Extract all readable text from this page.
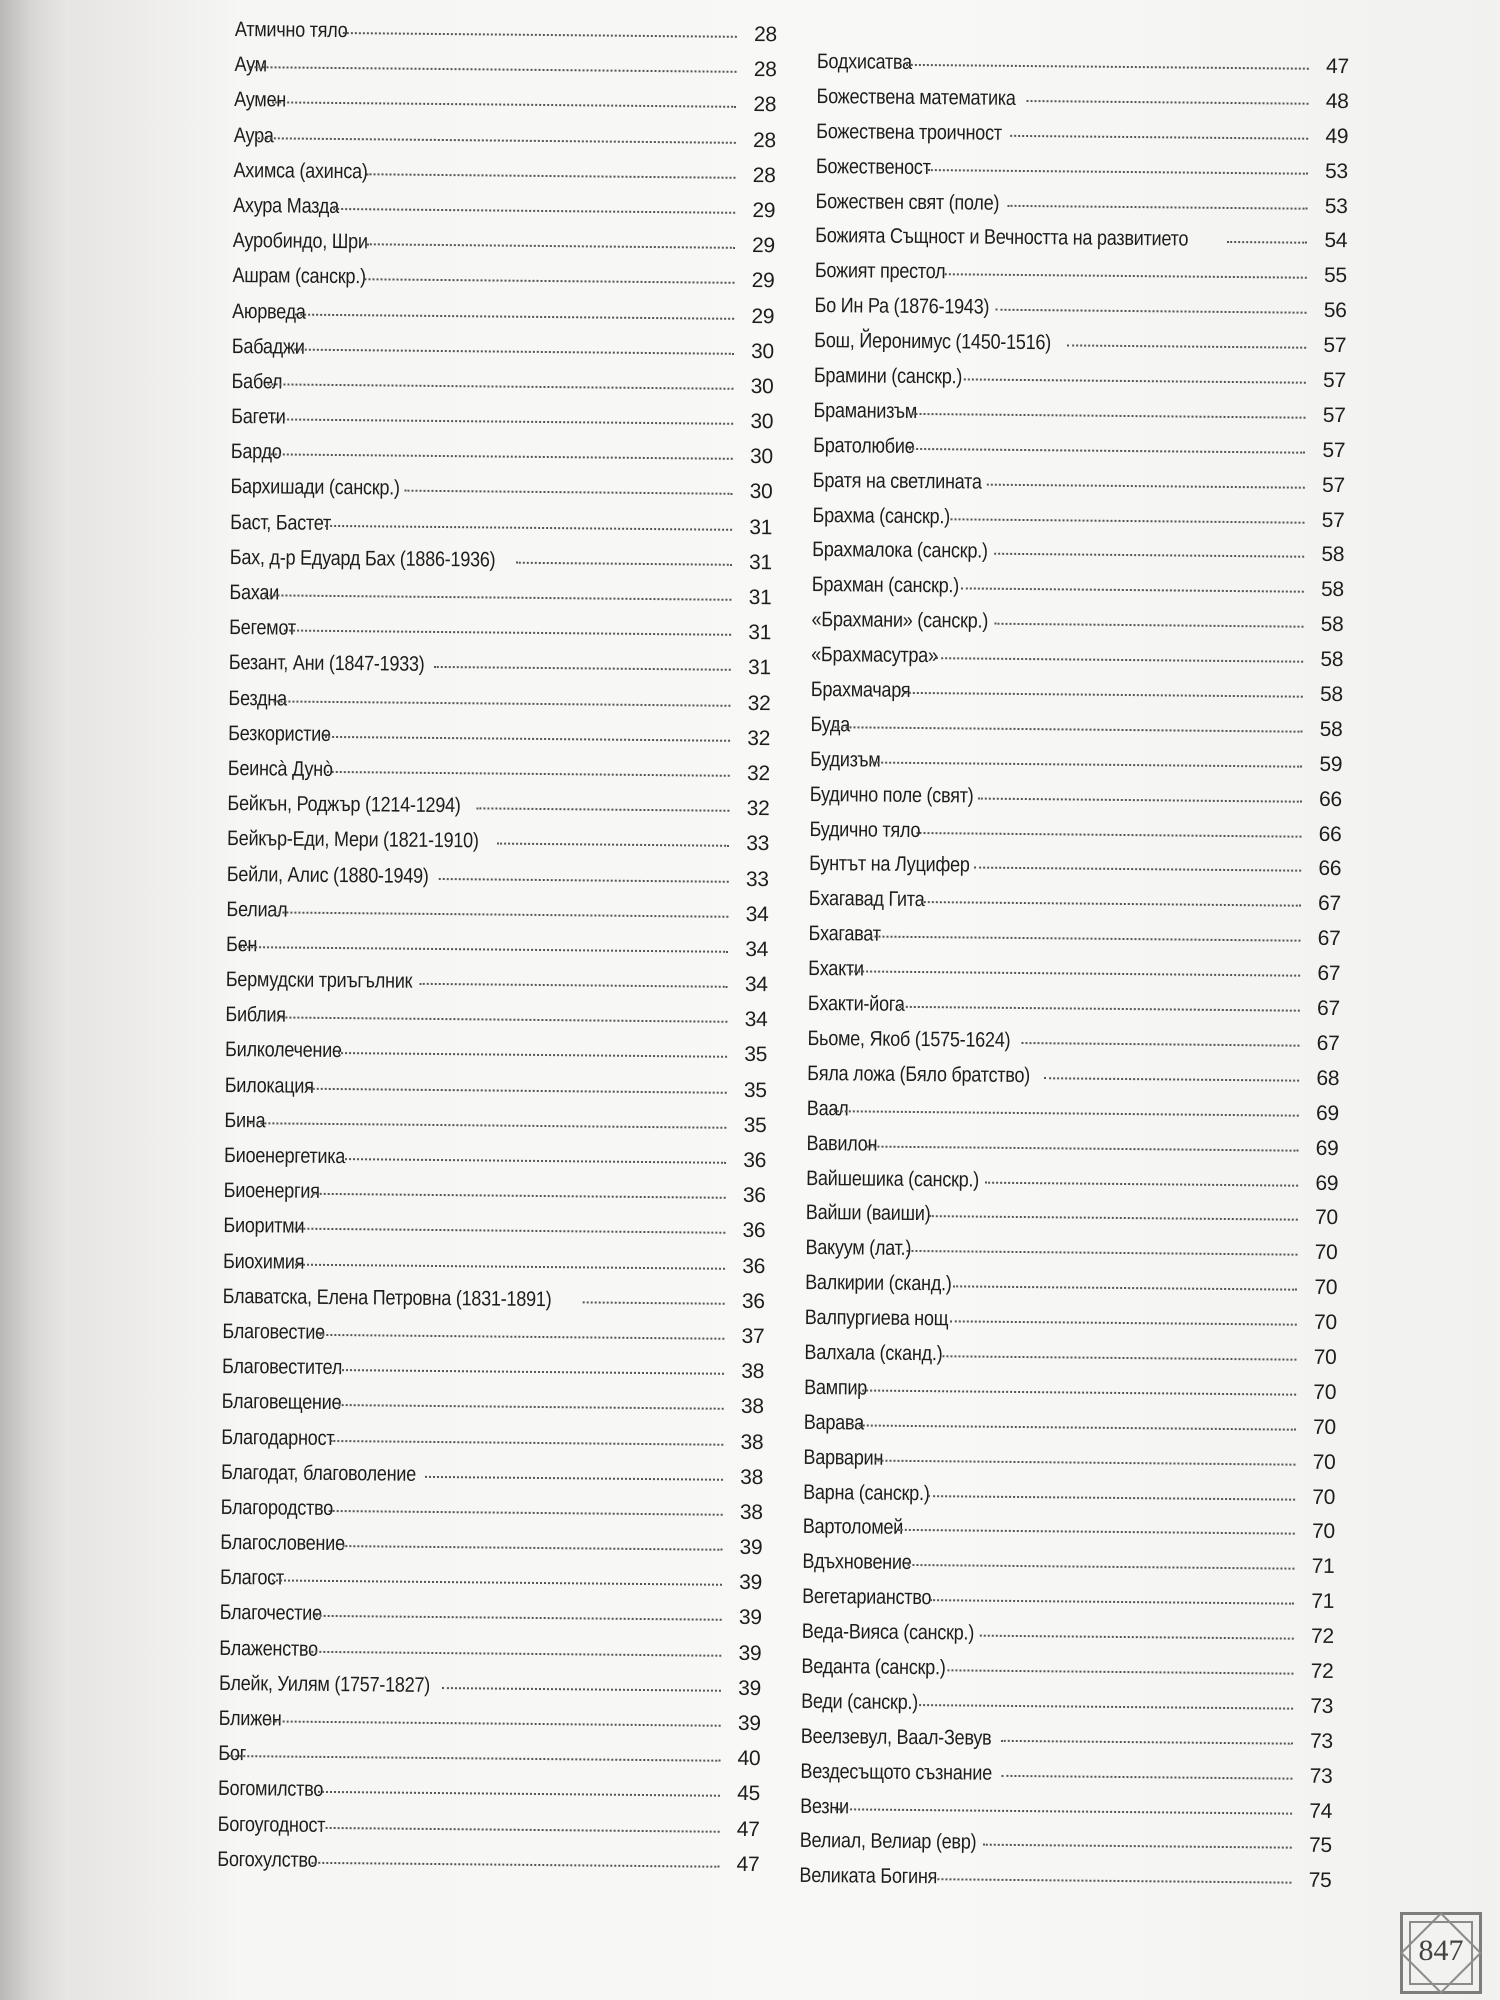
Атмично тяло	28
Аум	28
Аумен	28
Аура	28
Ахимса (ахинса)	28
Ахура Мазда	29
Ауробиндо, Шри	29
Ашрам (санскр.)	29
Аюрведа	29
Бабаджи	30
Бабел	30
Багети	30
Бардо	30
Бархишади (санскр.)	30
Баст, Бастет	31
Бах, д-р Едуард Бах (1886-1936)	31
Бахаи	31
Бегемот	31
Безант, Ани (1847-1933)	31
Бездна	32
Безкористие	32
Беинсà Дунò	32
Бейкън, Роджър (1214-1294)	32
Бейкър-Еди, Мери (1821-1910)	33
Бейли, Алис (1880-1949)	33
Белиал	34
Бен	34
Бермудски триъгълник	34
Библия	34
Билколечение	35
Билокация	35
Бина	35
Биоенергетика	36
Биоенергия	36
Биоритми	36
Биохимия	36
Блаватска, Елена Петровна (1831-1891)	36
Благовестие	37
Благовестител	38
Благовещение	38
Благодарност	38
Благодат, благоволение	38
Благородство	38
Благословение	39
Благост	39
Благочестие	39
Блаженство	39
Блейк, Уилям (1757-1827)	39
Ближен	39
Бог	40
Богомилство	45
Богоугодност	47
Богохулство	47
Бодхисатва	47
Божествена математика	48
Божествена троичност	49
Божественост	53
Божествен свят (поле)	53
Божията Същност и Вечността на развитието	54
Божият престол	55
Бо Ин Ра (1876-1943)	56
Бош, Йеронимус (1450-1516)	57
Брамини (санскр.)	57
Браманизъм	57
Братолюбие	57
Братя на светлината	57
Брахма (санскр.)	57
Брахмалока (санскр.)	58
Брахман (санскр.)	58
«Брахмани» (санскр.)	58
«Брахмасутра»	58
Брахмачаря	58
Буда	58
Будизъм	59
Будично поле (свят)	66
Будично тяло	66
Бунтът на Луцифер	66
Бхагавад Гита	67
Бхагават	67
Бхакти	67
Бхакти-йога	67
Бьоме, Якоб (1575-1624)	67
Бяла ложа (Бяло братство)	68
Ваал	69
Вавилон	69
Вайшешика (санскр.)	69
Вайши (ваиши)	70
Вакуум (лат.)	70
Валкирии (сканд.)	70
Валпургиева нощ	70
Валхала (сканд.)	70
Вампир	70
Варава	70
Варварин	70
Варна (санскр.)	70
Вартоломей	70
Вдъхновение	71
Вегетарианство	71
Веда-Вияса (санскр.)	72
Веданта (санскр.)	72
Веди (санскр.)	73
Веелзевул, Ваал-Зевув	73
Вездесъщото съзнание	73
Везни	74
Велиал, Велиар (евр)	75
Великата Богиня	75
847
